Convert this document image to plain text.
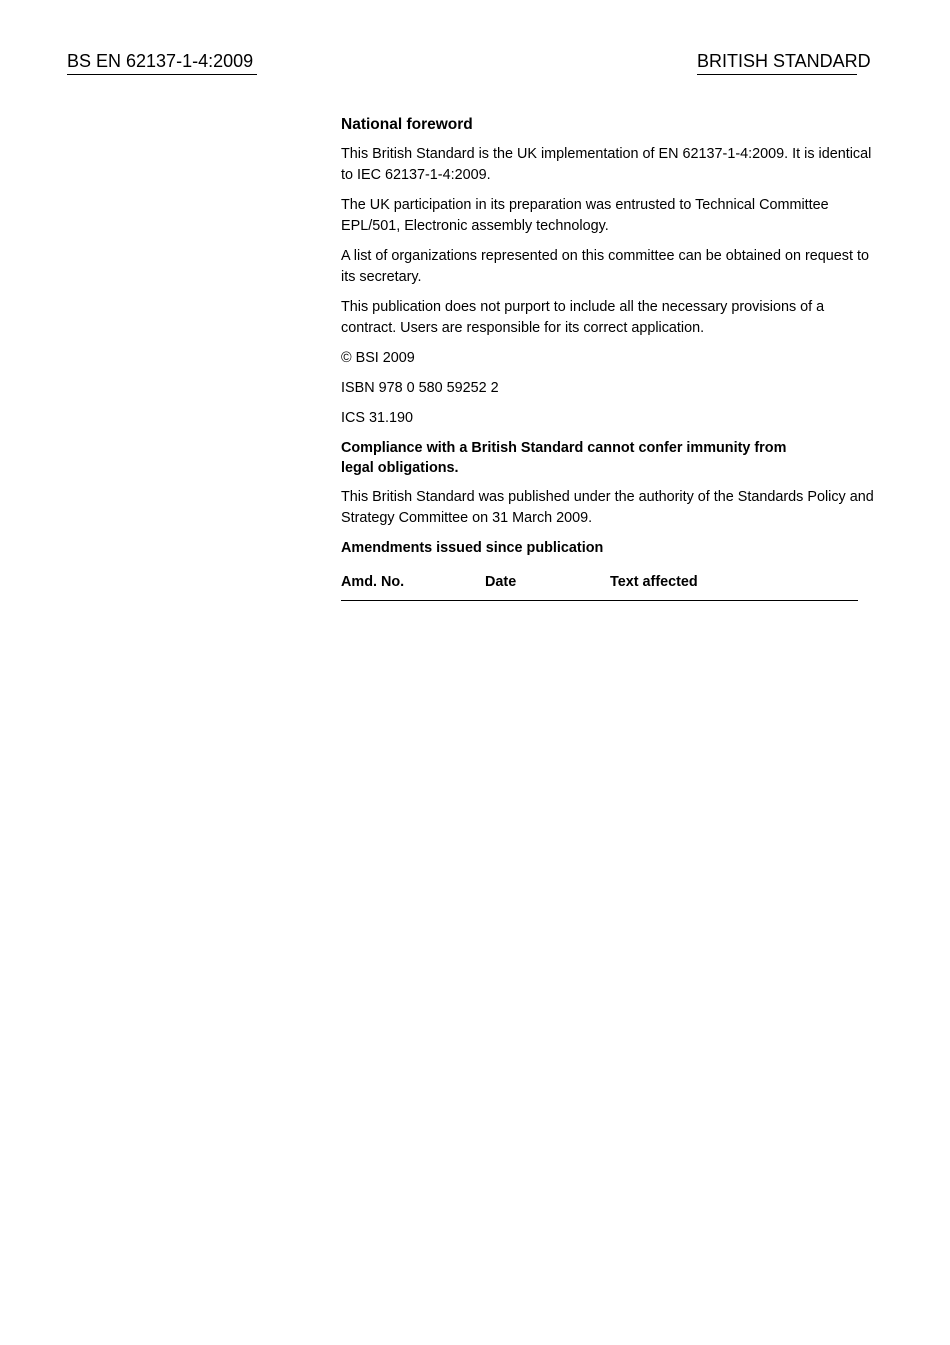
BS EN 62137-1-4:2009	BRITISH STANDARD

National foreword

This British Standard is the UK implementation of EN 62137-1-4:2009. It is identical to IEC 62137-1-4:2009.

The UK participation in its preparation was entrusted to Technical Committee EPL/501, Electronic assembly technology.

A list of organizations represented on this committee can be obtained on request to its secretary.

This publication does not purport to include all the necessary provisions of a contract. Users are responsible for its correct application.

© BSI 2009

ISBN 978 0 580 59252 2

ICS 31.190

Compliance with a British Standard cannot confer immunity from
legal obligations.

This British Standard was published under the authority of the Standards Policy and Strategy Committee on 31 March 2009.

Amendments issued since publication

Amd. No.	Date	Text affected
